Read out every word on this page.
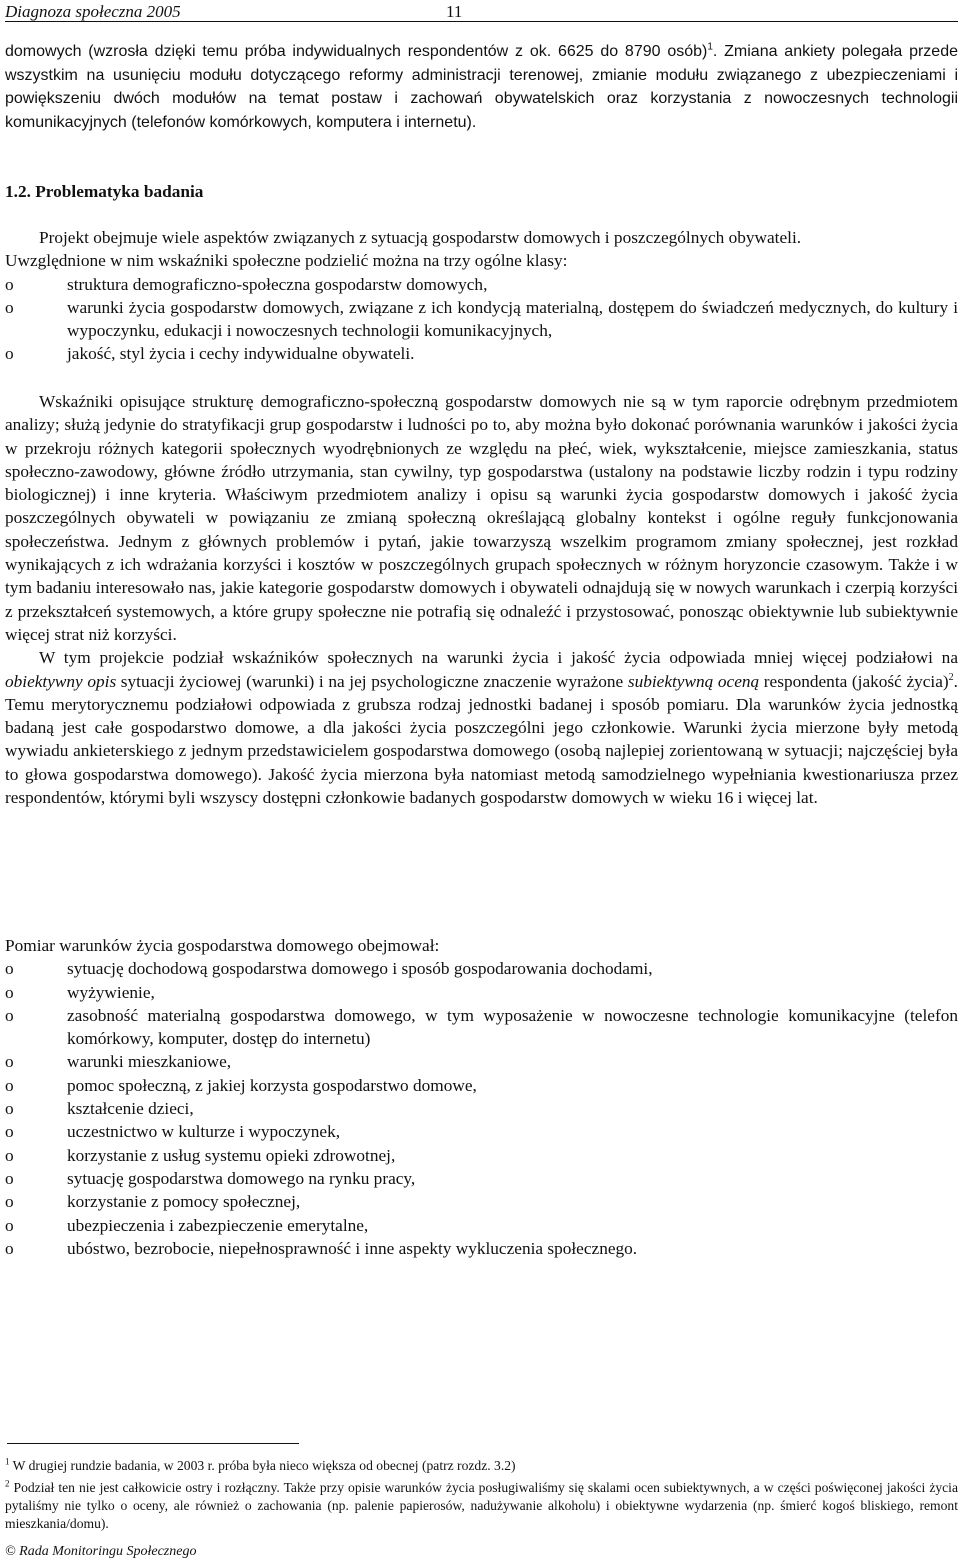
Diagnoza społeczna 2005	11

domowych (wzrosła dzięki temu próba indywidualnych respondentów z ok. 6625 do 8790 osób)$^1$. Zmiana ankiety polegała przede wszystkim na usunięciu modułu dotyczącego reformy administracji terenowej, zmianie modułu związanego z ubezpieczeniami i powiększeniu dwóch modułów na temat postaw i zachowań obywatelskich oraz korzystania z nowoczesnych technologii komunikacyjnych (telefonów komórkowych, komputera i internetu).

1.2. Problematyka badania

Projekt obejmuje wiele aspektów związanych z sytuacją gospodarstw domowych i poszczególnych obywateli.

Uwzględnione w nim wskaźniki społeczne podzielić można na trzy ogólne klasy:

o struktura demograficzno-społeczna gospodarstw domowych,
o warunki życia gospodarstw domowych, związane z ich kondycją materialną, dostępem do świadczeń medycznych, do kultury i wypoczynku, edukacji i nowoczesnych technologii komunikacyjnych,
o jakość, styl życia i cechy indywidualne obywateli.

Wskaźniki opisujące strukturę demograficzno-społeczną gospodarstw domowych nie są w tym raporcie odrębnym przedmiotem analizy; służą jedynie do stratyfikacji grup gospodarstw i ludności po to, aby można było dokonać porównania warunków i jakości życia w przekroju różnych kategorii społecznych wyodrębnionych ze względu na płeć, wiek, wykształcenie, miejsce zamieszkania, status społeczno-zawodowy, główne źródło utrzymania, stan cywilny, typ gospodarstwa (ustalony na podstawie liczby rodzin i typu rodziny biologicznej) i inne kryteria. Właściwym przedmiotem analizy i opisu są warunki życia gospodarstw domowych i jakość życia poszczególnych obywateli w powiązaniu ze zmianą społeczną określającą globalny kontekst i ogólne reguły funkcjonowania społeczeństwa. Jednym z głównych problemów i pytań, jakie towarzyszą wszelkim programom zmiany społecznej, jest rozkład wynikających z ich wdrażania korzyści i kosztów w poszczególnych grupach społecznych w różnym horyzoncie czasowym. Także i w tym badaniu interesowało nas, jakie kategorie gospodarstw domowych i obywateli odnajdują się w nowych warunkach i czerpią korzyści z przekształceń systemowych, a które grupy społeczne nie potrafią się odnaleźć i przystosować, ponosząc obiektywnie lub subiektywnie więcej strat niż korzyści.

W tym projekcie podział wskaźników społecznych na warunki życia i jakość życia odpowiada mniej więcej podziałowi na obiektywny opis sytuacji życiowej (warunki) i na jej psychologiczne znaczenie wyrażone subiektywną oceną respondenta (jakość życia)$^2$. Temu merytorycznemu podziałowi odpowiada z grubsza rodzaj jednostki badanej i sposób pomiaru. Dla warunków życia jednostką badaną jest całe gospodarstwo domowe, a dla jakości życia poszczególni jego członkowie. Warunki życia mierzone były metodą wywiadu ankieterskiego z jednym przedstawicielem gospodarstwa domowego (osobą najlepiej zorientowaną w sytuacji; najczęściej była to głowa gospodarstwa domowego). Jakość życia mierzona była natomiast metodą samodzielnego wypełniania kwestionariusza przez respondentów, którymi byli wszyscy dostępni członkowie badanych gospodarstw domowych w wieku 16 i więcej lat.

Pomiar warunków życia gospodarstwa domowego obejmował:

o sytuację dochodową gospodarstwa domowego i sposób gospodarowania dochodami,
o wyżywienie,
o zasobność materialną gospodarstwa domowego, w tym wyposażenie w nowoczesne technologie komunikacyjne (telefon komórkowy, komputer, dostęp do internetu)
o warunki mieszkaniowe,
o pomoc społeczną, z jakiej korzysta gospodarstwo domowe,
o kształcenie dzieci,
o uczestnictwo w kulturze i wypoczynek,
o korzystanie z usług systemu opieki zdrowotnej,
o sytuację gospodarstwa domowego na rynku pracy,
o korzystanie z pomocy społecznej,
o ubezpieczenia i zabezpieczenie emerytalne,
o ubóstwo, bezrobocie, niepełnosprawność i inne aspekty wykluczenia społecznego.
$^1$ W drugiej rundzie badania, w 2003 r. próba była nieco większa od obecnej (patrz rozdz. 3.2)
$^2$ Podział ten nie jest całkowicie ostry i rozłączny. Także przy opisie warunków życia posługiwaliśmy się skalami ocen subiektywnych, a w części poświęconej jakości życia pytaliśmy nie tylko o oceny, ale również o zachowania (np. palenie papierosów, nadużywanie alkoholu) i obiektywne wydarzenia (np. śmierć kogoś bliskiego, remont mieszkania/domu).
© Rada Monitoringu Społecznego
